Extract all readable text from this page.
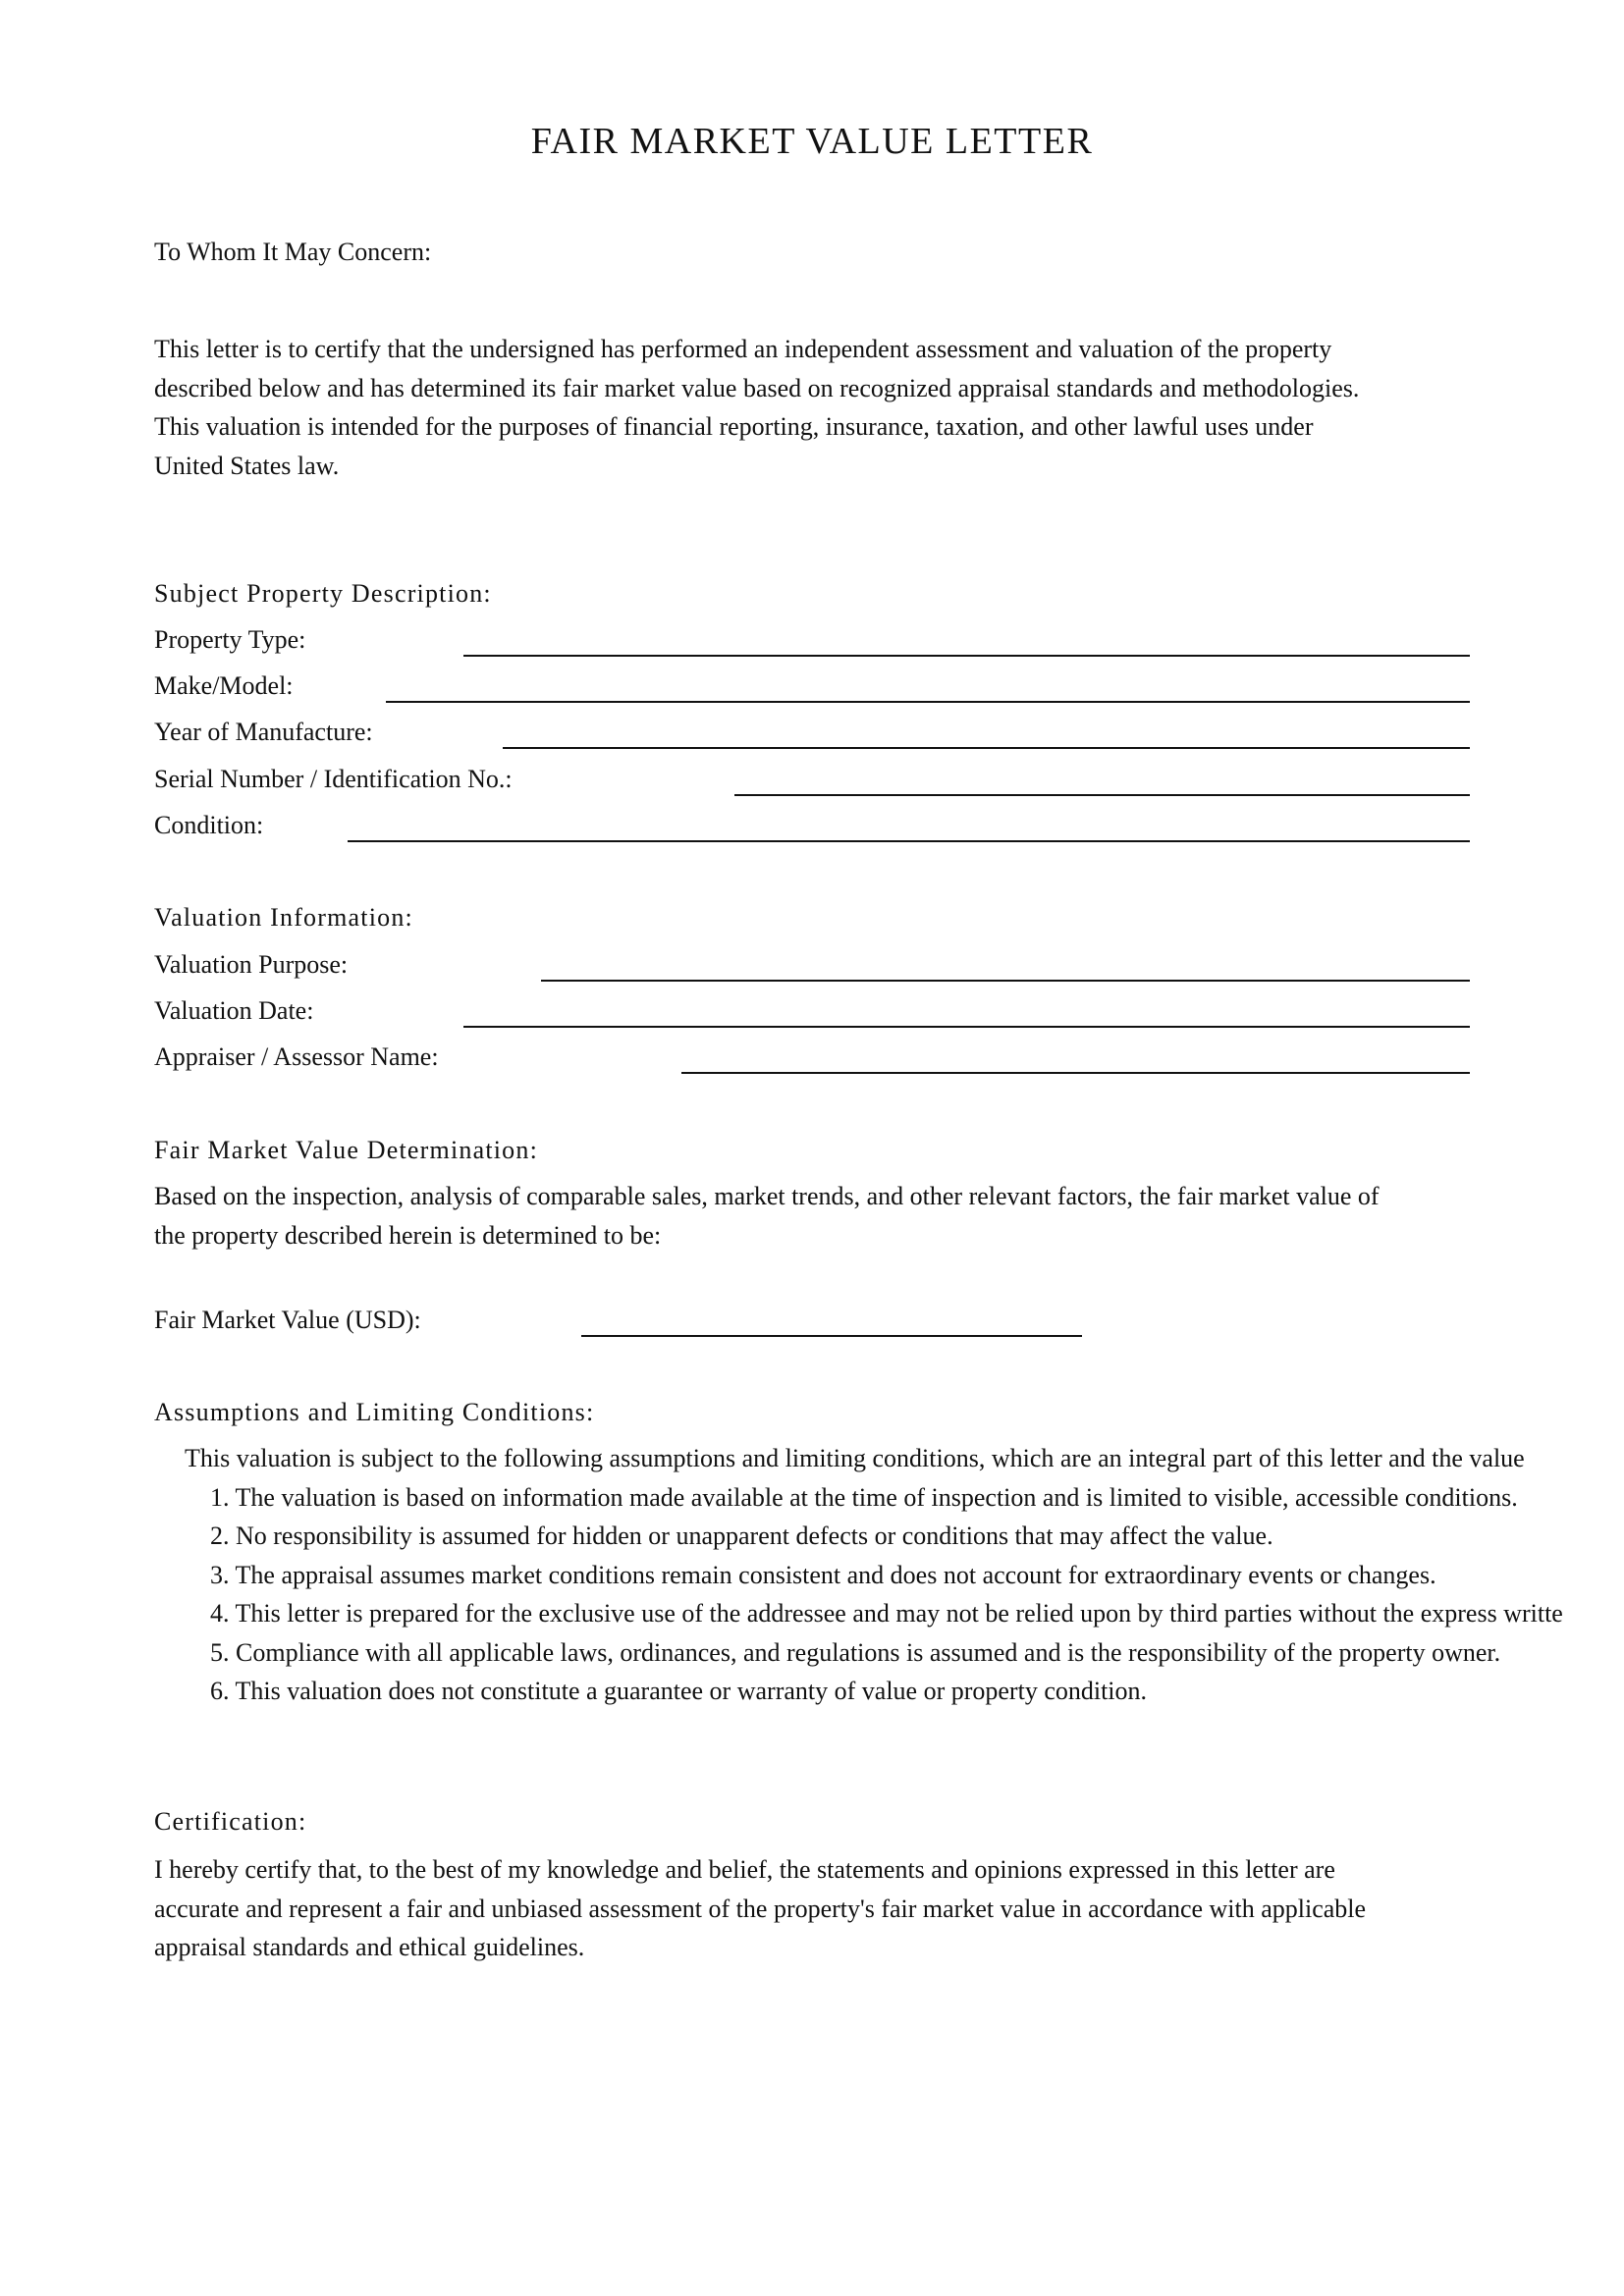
FAIR MARKET VALUE LETTER

To Whom It May Concern:

This letter is to certify that the undersigned has performed an independent assessment and valuation of the property
described below and has determined its fair market value based on recognized appraisal standards and methodologies.
This valuation is intended for the purposes of financial reporting, insurance, taxation, and other lawful uses under
United States law.
Subject Property Description:
Property Type:
Make/Model:
Year of Manufacture:
Serial Number / Identification No.:
Condition:
Valuation Information:
Valuation Purpose:
Valuation Date:
Appraiser / Assessor Name:
Fair Market Value Determination:
Based on the inspection, analysis of comparable sales, market trends, and other relevant factors, the fair market value of
the property described herein is determined to be:
Fair Market Value (USD):
Assumptions and Limiting Conditions:
This valuation is subject to the following assumptions and limiting conditions, which are an integral part of this letter and the value
1. The valuation is based on information made available at the time of inspection and is limited to visible, accessible conditions.
2. No responsibility is assumed for hidden or unapparent defects or conditions that may affect the value.
3. The appraisal assumes market conditions remain consistent and does not account for extraordinary events or changes.
4. This letter is prepared for the exclusive use of the addressee and may not be relied upon by third parties without the express writte
5. Compliance with all applicable laws, ordinances, and regulations is assumed and is the responsibility of the property owner.
6. This valuation does not constitute a guarantee or warranty of value or property condition.
Certification:
I hereby certify that, to the best of my knowledge and belief, the statements and opinions expressed in this letter are
accurate and represent a fair and unbiased assessment of the property's fair market value in accordance with applicable
appraisal standards and ethical guidelines.
